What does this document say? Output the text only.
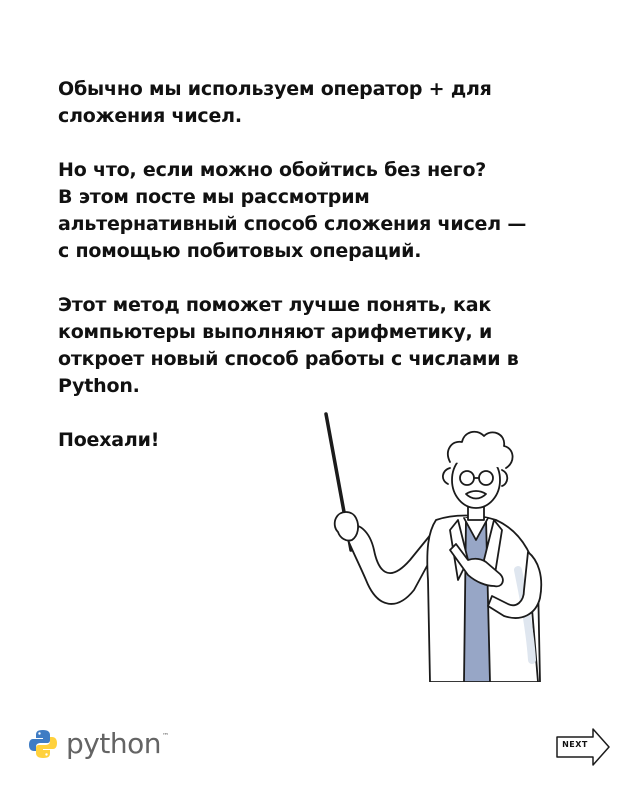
Обычно мы используем оператор + для
сложения чисел.

Но что, если можно обойтись без него?
В этом посте мы рассмотрим
альтернативный способ сложения чисел —
с помощью побитовых операций.

Этот метод поможет лучше понять, как
компьютеры выполняют арифметику, и
откроет новый способ работы с числами в
Python.

Поехали!

python ™
NEXT
